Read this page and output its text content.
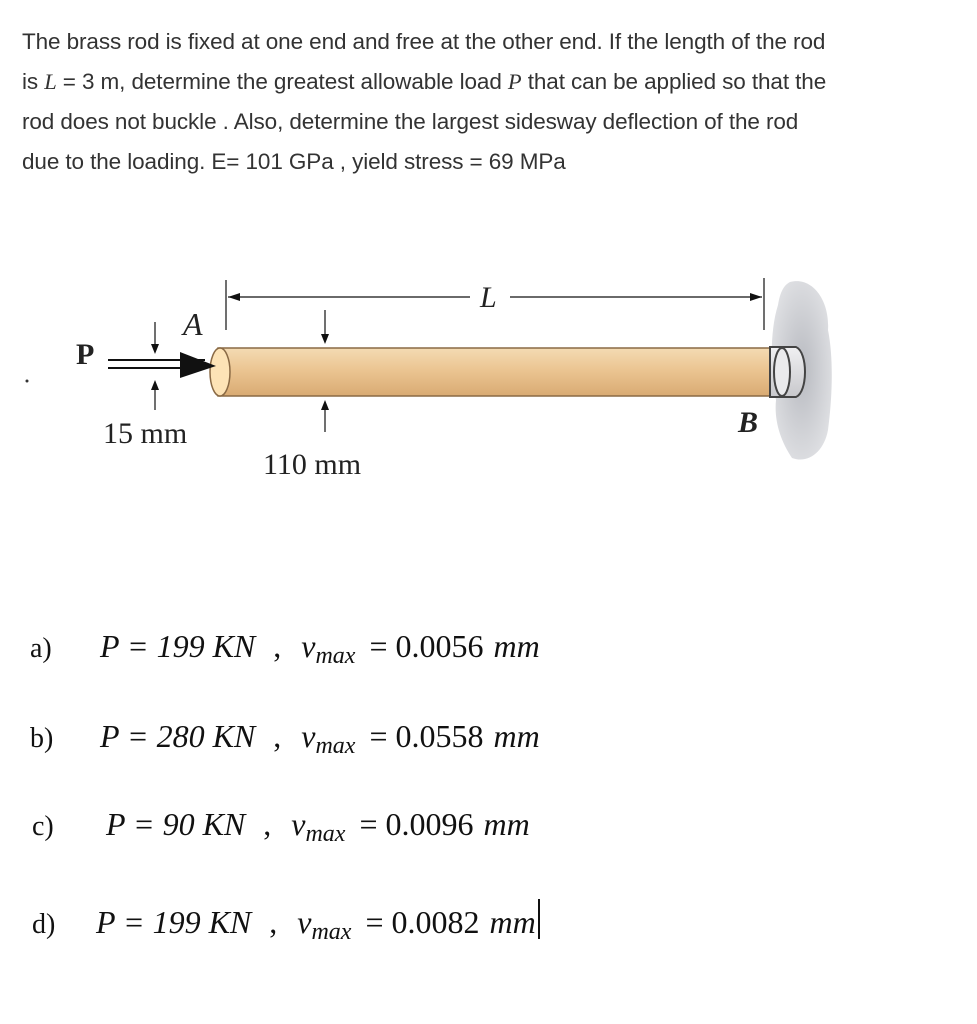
The brass rod is fixed at one end and free at the other end. If the length of the rod
is L = 3 m, determine the greatest allowable load P that can be applied so that the
rod does not buckle . Also, determine the largest sidesway deflection of the rod
due to the loading. E= 101 GPa , yield stress = 69 MPa
P
A
L
B
15 mm
110 mm
a)	P = 199 KN , v max = 0.0056 mm
b)	P = 280 KN , v max = 0.0558 mm
c)	P = 90 KN , v max = 0.0096 mm
d)	P = 199 KN , v max = 0.0082 mm
